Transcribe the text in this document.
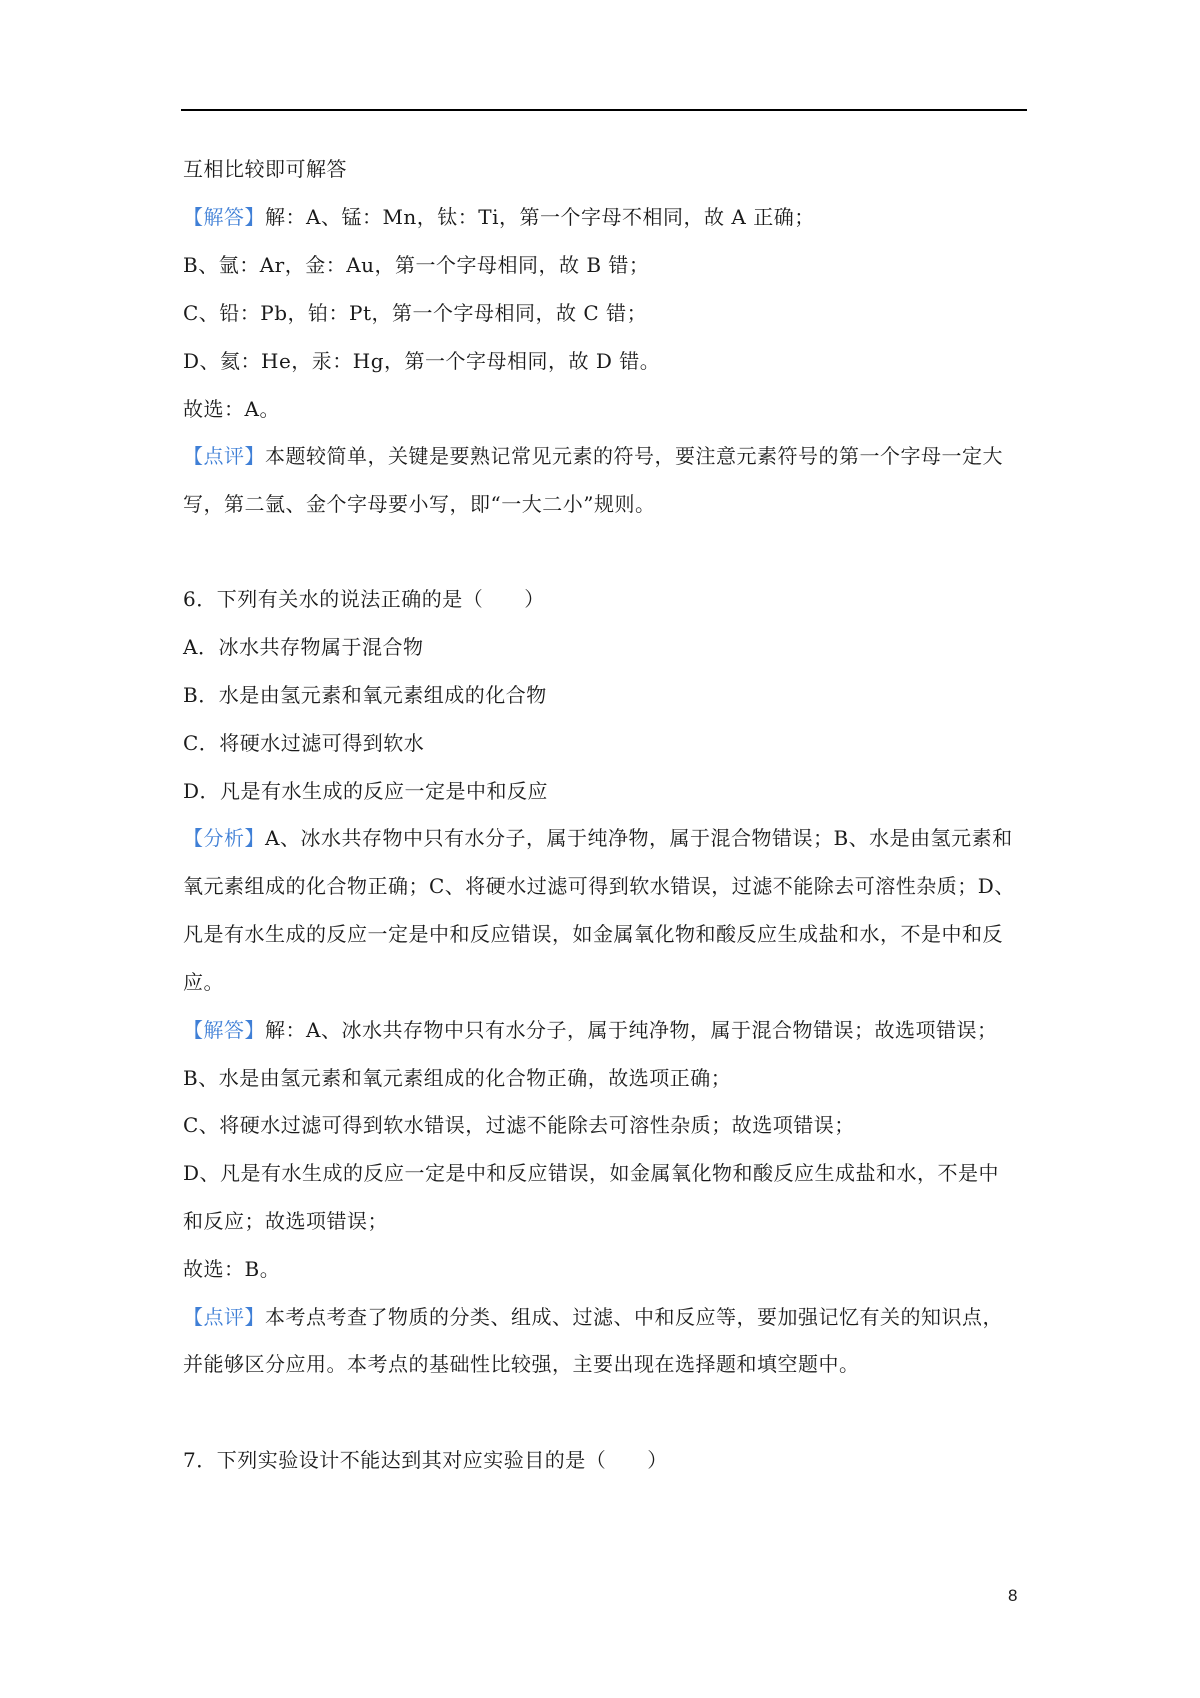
互相比较即可解答
【解答】解：A、锰：Mn，钛：Ti，第一个字母不相同，故 A 正确；
B、氩：Ar，金：Au，第一个字母相同，故 B 错；
C、铅：Pb，铂：Pt，第一个字母相同，故 C 错；
D、氦：He，汞：Hg，第一个字母相同，故 D 错。
故选：A。
【点评】本题较简单，关键是要熟记常见元素的符号，要注意元素符号的第一个字母一定大
写，第二氩、金个字母要小写，即“一大二小”规则。
6．下列有关水的说法正确的是（　　）
A．冰水共存物属于混合物
B．水是由氢元素和氧元素组成的化合物
C．将硬水过滤可得到软水
D．凡是有水生成的反应一定是中和反应
【分析】A、冰水共存物中只有水分子，属于纯净物，属于混合物错误；B、水是由氢元素和
氧元素组成的化合物正确；C、将硬水过滤可得到软水错误，过滤不能除去可溶性杂质；D、
凡是有水生成的反应一定是中和反应错误，如金属氧化物和酸反应生成盐和水，不是中和反
应。
【解答】解：A、冰水共存物中只有水分子，属于纯净物，属于混合物错误；故选项错误；
B、水是由氢元素和氧元素组成的化合物正确，故选项正确；
C、将硬水过滤可得到软水错误，过滤不能除去可溶性杂质；故选项错误；
D、凡是有水生成的反应一定是中和反应错误，如金属氧化物和酸反应生成盐和水，不是中
和反应；故选项错误；
故选：B。
【点评】本考点考查了物质的分类、组成、过滤、中和反应等，要加强记忆有关的知识点，
并能够区分应用。本考点的基础性比较强，主要出现在选择题和填空题中。
7．下列实验设计不能达到其对应实验目的是（　　）
8
